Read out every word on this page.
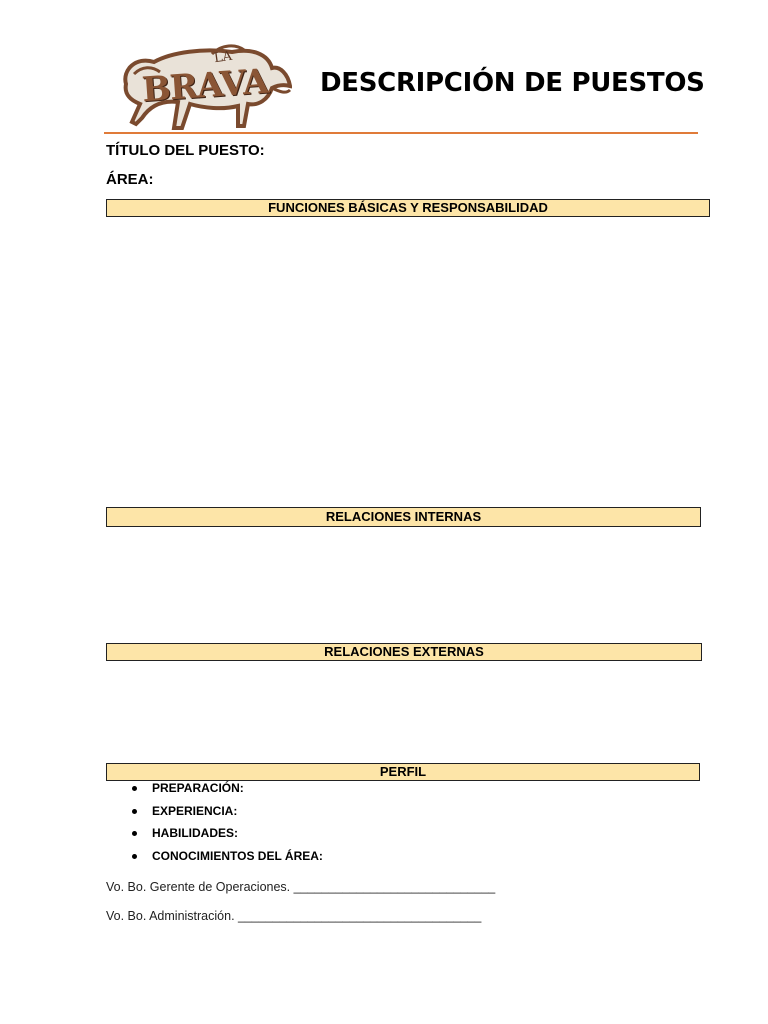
LA
BRAVA DESCRIPCIÓN DE PUESTOS
TÍTULO DEL PUESTO:
ÁREA:
FUNCIONES BÁSICAS Y RESPONSABILIDAD
RELACIONES INTERNAS
RELACIONES EXTERNAS
PERFIL
PREPARACIÓN:
EXPERIENCIA:
HABILIDADES:
CONOCIMIENTOS DEL ÁREA:
Vo. Bo. Gerente de Operaciones. _____________________________
Vo. Bo. Administración. ___________________________________
